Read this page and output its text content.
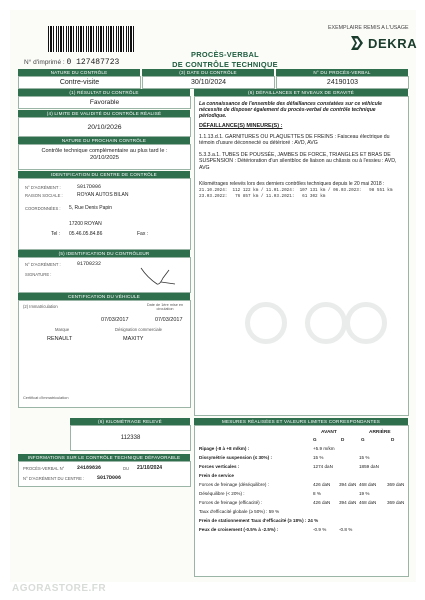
N° d'imprimé : 0 127487723
PROCÈS-VERBAL
DE CONTRÔLE TECHNIQUE
EXEMPLAIRE REMIS A L'USAGE
DEKRA
NATURE DU CONTRÔLE
Contre-visite
(3) DATE DU CONTRÔLE
30/10/2024
N° DU PROCÈS-VERBAL
24190103
(1) RÉSULTAT DU CONTRÔLE
Favorable
(4) LIMITE DE VALIDITÉ DU CONTRÔLE RÉALISÉ
20/10/2026
NATURE DU PROCHAIN CONTRÔLE
Contrôle technique complémentaire au plus tard le :
20/10/2025
IDENTIFICATION DU CENTRE DE CONTRÔLE
N° D'AGRÉMENT :	S017D006
RAISON SOCIALE :	ROYAN AUTOS BILAN
COORDONNÉES : 5, Rue Denis Papin
17200 ROYAN
Tel : 05.46.05.84.86	Fax :
(5) IDENTIFICATION DU CONTRÔLEUR
N° D'AGRÉMENT :	017D0232
SIGNATURE :
CENTIFICATION DU VÉHICULE
(2) Immatriculation	Date de 1ère mise en circulation
07/03/2017	07/03/2017
Marque	Désignation commerciale
RENAULT	MAXITY
Certificat d'immatriculation
(6) KILOMÉTRAGE RELEVÉ
112338
INFORMATIONS SUR LE CONTRÔLE TECHNIQUE DÉFAVORABLE
PROCÈS-VERBAL N°	24189836	DU 21/10/2024
N° D'AGRÉMENT DU CENTRE :	S017D006
(6) DÉFAILLANCES ET NIVEAUX DE GRAVITÉ
La connaissance de l'ensemble des défaillances constatées sur ce véhicule nécessite de disposer également du procès-verbal de contrôle technique périodique.
DÉFAILLANCE(S) MINEURE(S) :
1.1.13.d.1. GARNITURES OU PLAQUETTES DE FREINS : Faisceau électrique du témoin d'usure déconnecté ou détérioré : AVD, AVG
5.3.3.a.1. TUBES DE POUSSÉE, JAMBES DE FORCE, TRIANGLES ET BRAS DE SUSPENSION : Détérioration d'un silentbloc de liaison au châssis ou à l'essieu : AVD, AVG
Kilométrages relevés lors des derniers contrôles techniques depuis le 20 mai 2018 :
21.10.2024:  112 122 km / 11.01.2024:  107 131 km / 06.03.2023:   98 551 km
23.03.2022:   76 857 km / 11.03.2021:   61 302 km
MESURES RÉALISÉES ET VALEURS LIMITES CORRESPONDANTES
AVANT	ARRIÈRE
G	D	G	D
Ripage (-8 à +8 m/km) :	+5.9 m/km
Dissymétrie suspension (≤ 30%) :	15 %	15 %
Forces verticales :	1274 daN	1859 daN
Frein de service
Forces de freinage (déséquilibre) :	426 daN 394 daN 468 daN 369 daN
Déséquilibre (< 20%) :	8 %	19 %
Forces de freinage (efficacité) :	426 daN 394 daN 468 daN 369 daN
Taux d'efficacité globale (≥ 50%) : 59 %
Frein de stationnement Taux d'efficacité (≥ 18%) : 24 %
Feux de croisement (-0.5% à -2.5%) :	-0.9 %	-0.8 %
AGORASTORE.FR
